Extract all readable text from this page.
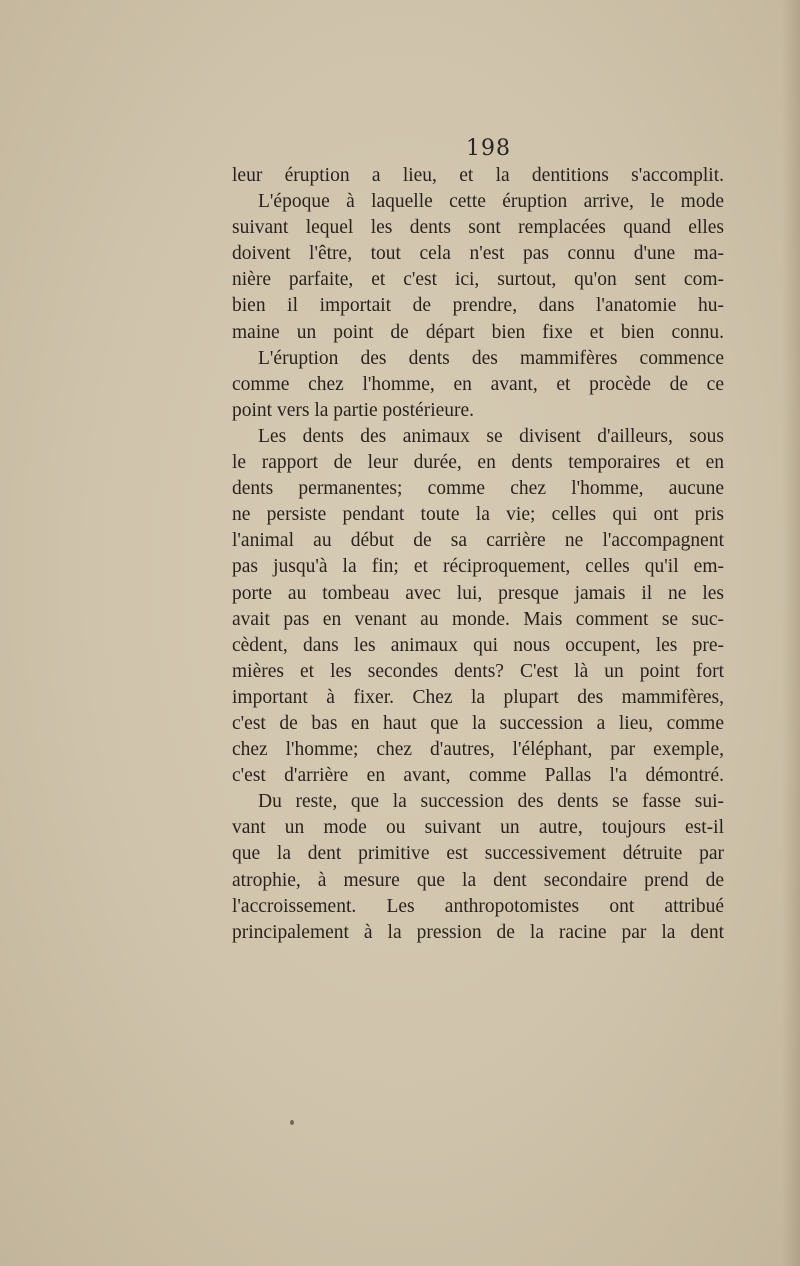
198
leur éruption a lieu, et la dentitions s'accomplit.
L'époque à laquelle cette éruption arrive, le mode
suivant lequel les dents sont remplacées quand elles
doivent l'être, tout cela n'est pas connu d'une ma-
nière parfaite, et c'est ici, surtout, qu'on sent com-
bien il importait de prendre, dans l'anatomie hu-
maine un point de départ bien fixe et bien connu.
L'éruption des dents des mammifères commence
comme chez l'homme, en avant, et procède de ce
point vers la partie postérieure.
Les dents des animaux se divisent d'ailleurs, sous
le rapport de leur durée, en dents temporaires et en
dents permanentes; comme chez l'homme, aucune
ne persiste pendant toute la vie; celles qui ont pris
l'animal au début de sa carrière ne l'accompagnent
pas jusqu'à la fin; et réciproquement, celles qu'il em-
porte au tombeau avec lui, presque jamais il ne les
avait pas en venant au monde. Mais comment se suc-
cèdent, dans les animaux qui nous occupent, les pre-
mières et les secondes dents? C'est là un point fort
important à fixer. Chez la plupart des mammifères,
c'est de bas en haut que la succession a lieu, comme
chez l'homme; chez d'autres, l'éléphant, par exemple,
c'est d'arrière en avant, comme Pallas l'a démontré.
Du reste, que la succession des dents se fasse sui-
vant un mode ou suivant un autre, toujours est-il
que la dent primitive est successivement détruite par
atrophie, à mesure que la dent secondaire prend de
l'accroissement. Les anthropotomistes ont attribué
principalement à la pression de la racine par la dent
